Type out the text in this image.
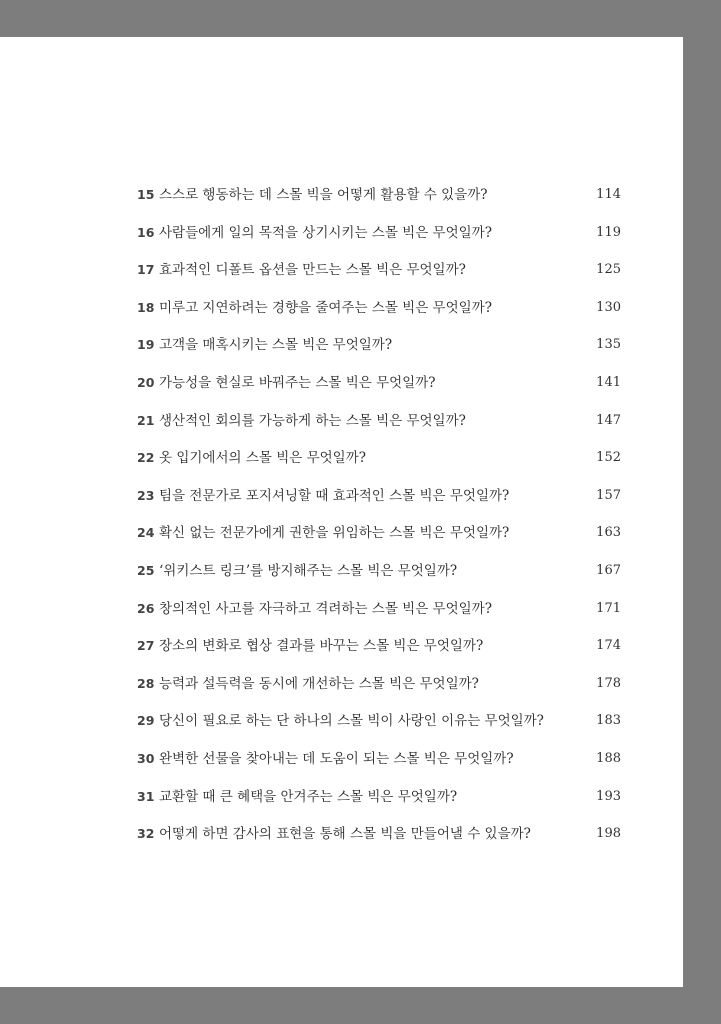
15 스스로 행동하는 데 스몰 빅을 어떻게 활용할 수 있을까?	114
16 사람들에게 일의 목적을 상기시키는 스몰 빅은 무엇일까?	119
17 효과적인 디폴트 옵션을 만드는 스몰 빅은 무엇일까?	125
18 미루고 지연하려는 경향을 줄여주는 스몰 빅은 무엇일까?	130
19 고객을 매혹시키는 스몰 빅은 무엇일까?	135
20 가능성을 현실로 바꿔주는 스몰 빅은 무엇일까?	141
21 생산적인 회의를 가능하게 하는 스몰 빅은 무엇일까?	147
22 옷 입기에서의 스몰 빅은 무엇일까?	152
23 팀을 전문가로 포지셔닝할 때 효과적인 스몰 빅은 무엇일까?	157
24 확신 없는 전문가에게 권한을 위임하는 스몰 빅은 무엇일까?	163
25 ‘위키스트 링크’를 방지해주는 스몰 빅은 무엇일까?	167
26 창의적인 사고를 자극하고 격려하는 스몰 빅은 무엇일까?	171
27 장소의 변화로 협상 결과를 바꾸는 스몰 빅은 무엇일까?	174
28 능력과 설득력을 동시에 개선하는 스몰 빅은 무엇일까?	178
29 당신이 필요로 하는 단 하나의 스몰 빅이 사랑인 이유는 무엇일까?	183
30 완벽한 선물을 찾아내는 데 도움이 되는 스몰 빅은 무엇일까?	188
31 교환할 때 큰 혜택을 안겨주는 스몰 빅은 무엇일까?	193
32 어떻게 하면 감사의 표현을 통해 스몰 빅을 만들어낼 수 있을까?	198
